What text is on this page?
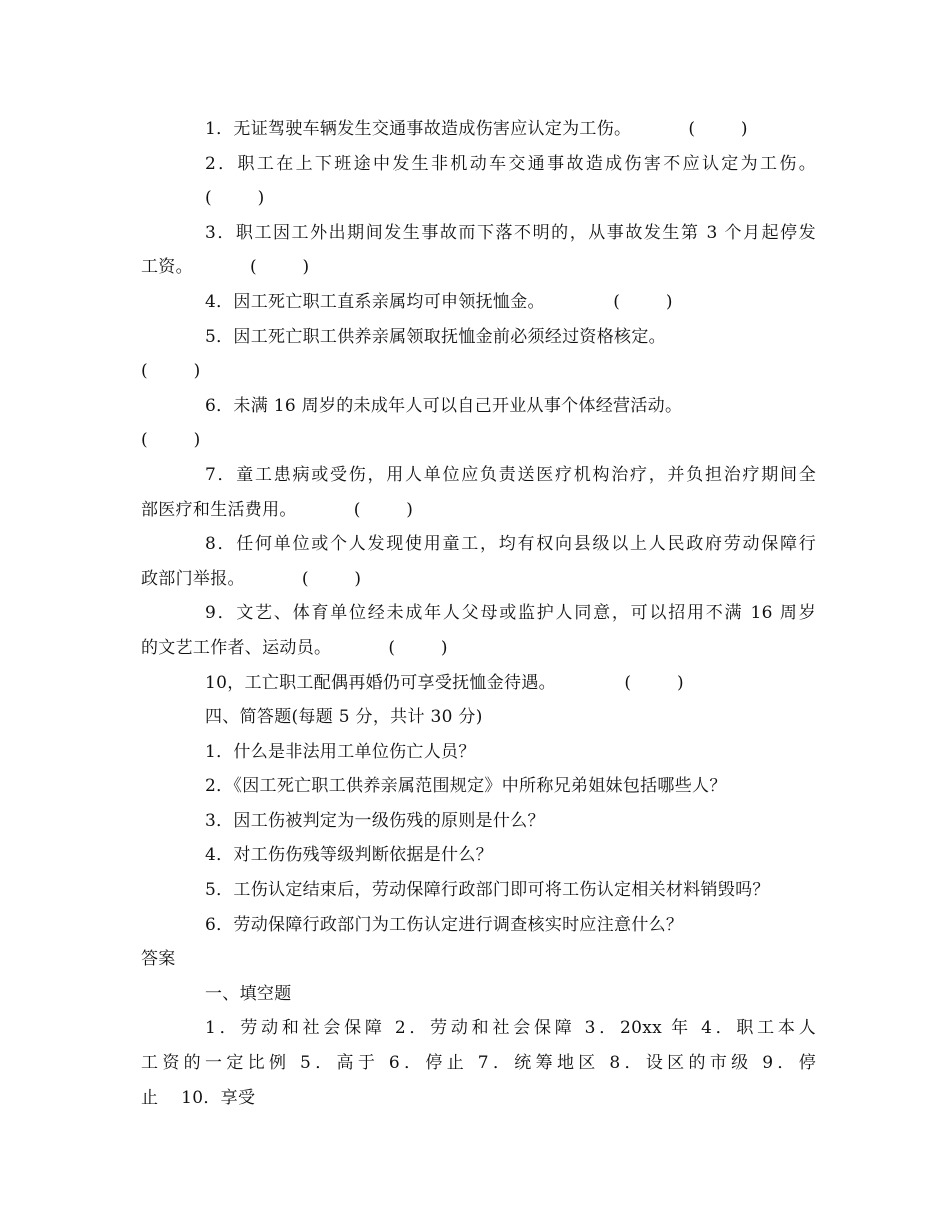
1．无证驾驶车辆发生交通事故造成伤害应认定为工伤。          (        )
2．职工在上下班途中发生非机动车交通事故造成伤害不应认定为工伤。
(        )
3．职工因工外出期间发生事故而下落不明的，从事故发生第 3 个月起停发
工资。          (        )
4．因工死亡职工直系亲属均可申领抚恤金。            (        )
5．因工死亡职工供养亲属领取抚恤金前必须经过资格核定。
(        )
6．未满 16 周岁的未成年人可以自己开业从事个体经营活动。
(        )
7．童工患病或受伤，用人单位应负责送医疗机构治疗，并负担治疗期间全
部医疗和生活费用。          (        )
8．任何单位或个人发现使用童工，均有权向县级以上人民政府劳动保障行
政部门举报。          (        )
9．文艺、体育单位经未成年人父母或监护人同意，可以招用不满 16 周岁
的文艺工作者、运动员。          (        )
10，工亡职工配偶再婚仍可享受抚恤金待遇。            (        )
四、简答题(每题 5 分，共计 30 分)
1．什么是非法用工单位伤亡人员？
2．《因工死亡职工供养亲属范围规定》中所称兄弟姐妹包括哪些人？
3．因工伤被判定为一级伤残的原则是什么？
4．对工伤伤残等级判断依据是什么？
5．工伤认定结束后，劳动保障行政部门即可将工伤认定相关材料销毁吗？
6．劳动保障行政部门为工伤认定进行调查核实时应注意什么？
答案
一、填空题
1．劳动和社会保障 2．劳动和社会保障 3．20xx 年 4．职工本人
工资的一定比例 5．高于 6．停止 7．统筹地区 8．设区的市级 9．停
止    10．享受
